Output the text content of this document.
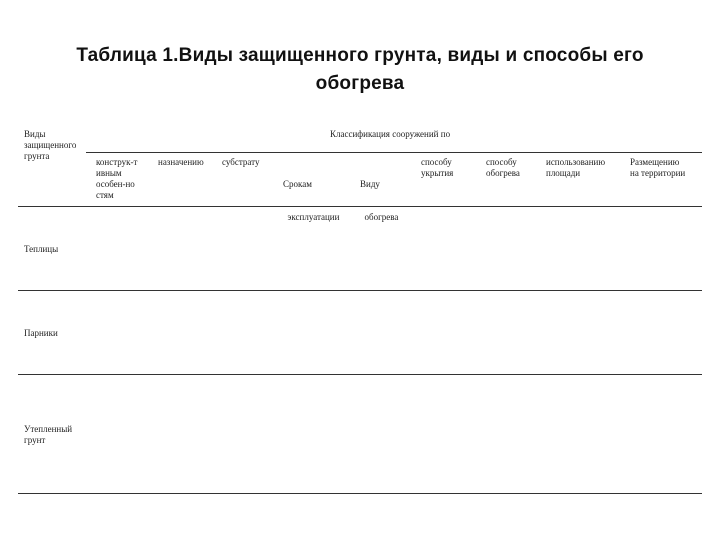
Таблица 1.Виды защищенного грунта, виды и способы его
обогрева
Виды
защищенного
грунта
Классификация сооружений по
конструк-т
ивным
особен-но
стям
назначению субстрату

Срокам

эксплуатации

Виду

обогрева

способу
укрытия
способу
обогрева
использованию
площади
Размещению
на территории
Теплицы
Парники
Утепленный
грунт
